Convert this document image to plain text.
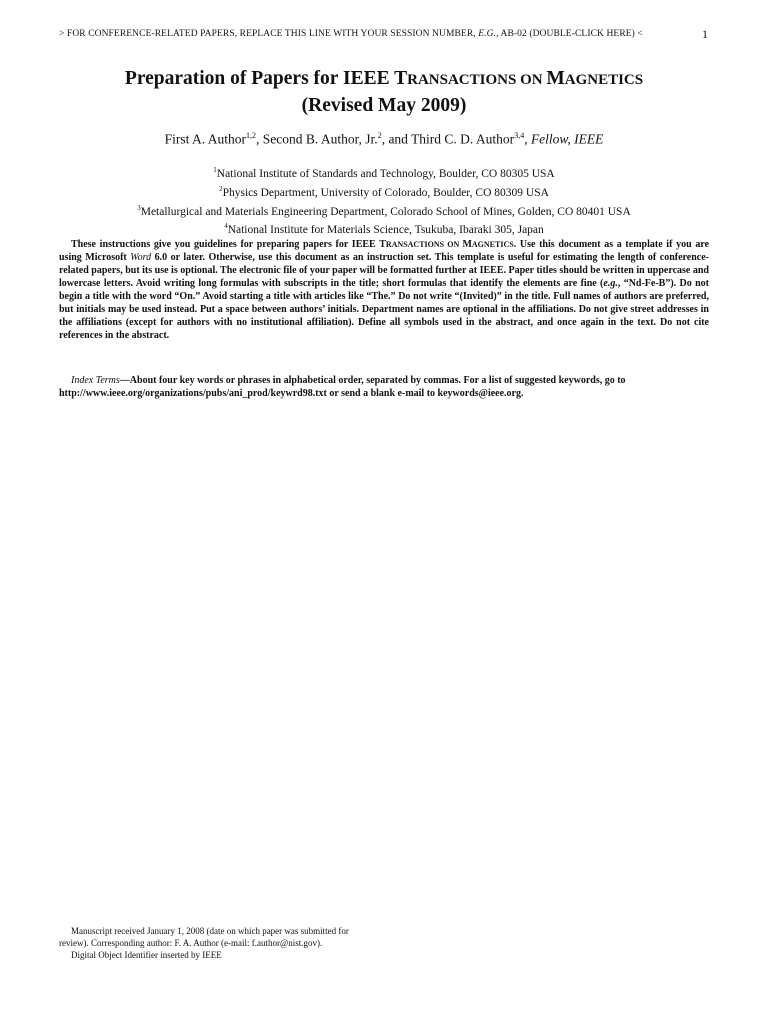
> FOR CONFERENCE-RELATED PAPERS, REPLACE THIS LINE WITH YOUR SESSION NUMBER, E.G., AB-02 (DOUBLE-CLICK HERE) <	1
Preparation of Papers for IEEE TRANSACTIONS ON MAGNETICS
(Revised May 2009)
First A. Author$^{1,2}$, Second B. Author, Jr.$^2$, and Third C. D. Author$^{3,4}$, Fellow, IEEE
$^1$National Institute of Standards and Technology, Boulder, CO 80305 USA
$^2$Physics Department, University of Colorado, Boulder, CO 80309 USA
$^3$Metallurgical and Materials Engineering Department, Colorado School of Mines, Golden, CO 80401 USA
$^4$National Institute for Materials Science, Tsukuba, Ibaraki 305, Japan

These instructions give you guidelines for preparing papers for IEEE TRANSACTIONS ON MAGNETICS. Use this document as a template if you are using Microsoft Word 6.0 or later. Otherwise, use this document as an instruction set. This template is useful for estimating the length of conference-related papers, but its use is optional. The electronic file of your paper will be formatted further at IEEE. Paper titles should be written in uppercase and lowercase letters. Avoid writing long formulas with subscripts in the title; short formulas that identify the elements are fine (e.g., “Nd-Fe-B”). Do not begin a title with the word “On.” Avoid starting a title with articles like “The.” Do not write “(Invited)” in the title. Full names of authors are preferred, but initials may be used instead. Put a space between authors’ initials. Department names are optional in the affiliations. Do not give street addresses in the affiliations (except for authors with no institutional affiliation). Define all symbols used in the abstract, and once again in the text. Do not cite references in the abstract.

Index Terms—About four key words or phrases in alphabetical order, separated by commas. For a list of suggested keywords, go to http://www.ieee.org/organizations/pubs/ani_prod/keywrd98.txt or send a blank e-mail to keywords@ieee.org.

Manuscript received January 1, 2008 (date on which paper was submitted for review). Corresponding author: F. A. Author (e-mail: f.author@nist.gov).

Digital Object Identifier inserted by IEEE
